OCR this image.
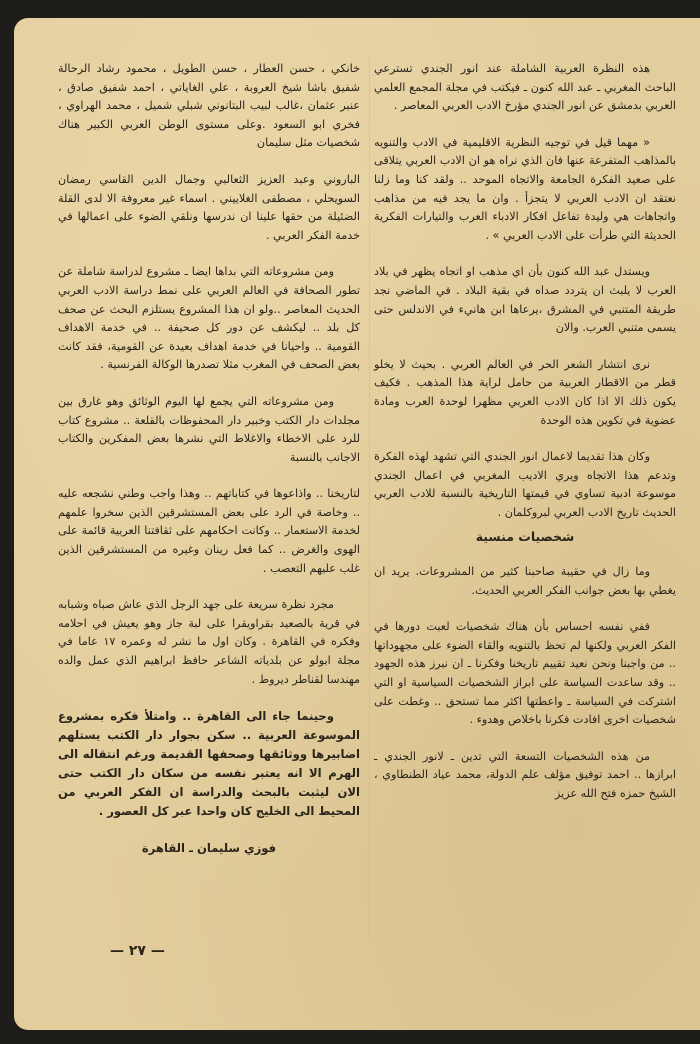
هذه النظرة العربية الشاملة عند انور الجندي تسترعي الباحث المغربي ـ عبد الله كنون ـ فيكتب في مجلة المجمع العلمي العربي بدمشق عن انور الجندي مؤرخ الادب العربي المعاصر .

« مهما قيل في توجيه النظرية الاقليمية في الادب والتنويه بالمذاهب المتفرعة عنها فان الذي نراه هو ان الادب العربي يتلاقى على صعيد الفكرة الجامعة والاتجاه الموحد .. ولقد كنا وما زلنا نعتقد ان الادب العربي لا يتجزأ . وان ما يجد فيه من مذاهب واتجاهات هي وليدة تفاعل افكار الادباء العرب والتيارات الفكرية الحديثة التي طرأت على الادب العربي » .

ويستدل عبد الله كنون بأن اي مذهب او اتجاه يظهر في بلاد العرب لا يلبث ان يتردد صداه في بقية البلاد . في الماضي نجد طريقة المتنبي في المشرق ،يرعاها ابن هانيء في الاندلس حتى يسمى متنبي العرب. والان

نرى انتشار الشعر الحر في العالم العربي . بحيث لا يخلو قطر من الاقطار العربية من حامل لراية هذا المذهب . فكيف يكون ذلك الا اذا كان الادب العربي مظهرا لوحدة العرب ومادة عضوية في تكوين هذه الوحدة

وكان هذا تقديما لاعمال انور الجندي التي تشهد لهذه الفكرة وتدعم هذا الاتجاه ويري الاديب المغربي في اعمال الجندي موسوعة ادبية تساوي في قيمتها التاريخية بالنسبة للادب العربي الحديث تاريخ الادب العربي لبروكلمان .

شخصيات منسية

وما زال في حقيبة صاحبنا كثير من المشروعات. يريد ان يغطي بها بعض جوانب الفكر العربي الحديث.

ففي نفسه احساس بأن هناك شخصيات لعبت دورها في الفكر العربي ولكنها لم تحظ بالتنويه والقاء الضوء على مجهوداتها .. من واجبنا ونحن نعيد تقييم تاريخنا وفكرنا ـ ان نبرز هذه الجهود .. وقد ساعدت السياسة على ابراز الشخصيات السياسية او التي اشتركت في السياسة ـ واعطتها اكثر مما تستحق .. وغطت على شخصيات اخرى افادت فكرنا باخلاص وهدوء .

من هذه الشخصيات التسعة التي تدين ـ لانور الجندي ـ ابرازها .. احمد توفيق مؤلف علم الدولة، محمد عياد الطنطاوي ، الشيخ حمزه فتح الله عزيز

خانكي ، حسن العطار ، حسن الطويل ، محمود رشاد الرحالة شفيق باشا شيخ العروبة ، علي الغاياتي ، احمد شفيق صادق ، عنبر عثمان ،غالب لبيب البتانوني شبلي شميل ، محمد الهراوي ، فخري ابو السعود .وعلى مستوى الوطن العربي الكبير هناك شخصيات مثل سليمان

الباروني وعبد العزيز الثعالبي وجمال الدين القاسي رمضان السويحلي ، مصطفى الغلاييني . اسماء غير معروفة الا لدى القلة الضئيلة من حقها علينا ان ندرسها ونلقي الضوء على اعمالها في خدمة الفكر العربي .

ومن مشروعاته التي بداها ايضا ـ مشروع لدراسة شاملة عن تطور الصحافة في العالم العربي على نمط دراسة الادب العربي الحديث المعاصر ..ولو ان هذا المشروع يستلزم البحث عن صحف كل بلد .. ليكشف عن دور كل صحيفة .. في خدمة الاهداف القومية .. واحيانا في خدمة اهداف بعيدة عن القومية، فقد كانت بعض الصحف في المغرب مثلا تصدرها الوكالة الفرنسية .

ومن مشروعاته التي يجمع لها اليوم الوثائق وهو غارق بين مجلدات دار الكتب وخبير دار المحفوظات بالقلعة .. مشروع كتاب للرد على الاخطاء والاغلاط التي نشرها بعض المفكرين والكتاب الاجانب بالنسبة

لتاريخنا .. واذاعوها في كتاباتهم .. وهذا واجب وطني نشجعه عليه .. وخاصة في الرد على بعض المستشرقين الذين سخروا علمهم لخدمة الاستعمار .. وكانت احكامهم على ثقافتنا العربية قائمة على الهوى والغرض .. كما فعل رينان وغيره من المستشرقين الذين غلب عليهم التعصب .

مجرد نظرة سريعة على جهد الرجل الذي عاش صباه وشبابه في قرية بالصعيد بقراويقرا على لبة جاز وهو يعيش في احلامه وفكره في القاهرة . وكان اول ما نشر له وعمره ١٧ عاما في مجلة ابولو عن بلدياته الشاعر حافظ ابراهيم الذي عمل والده مهندسا لقناطر ديروط .

وحينما جاء الى القاهرة .. وامتلأ فكره بمشروع الموسوعة العربية .. سكن بجوار دار الكتب يستلهم اضابيرها ووثائقها وصحفها القديمة ورغم انتقاله الى الهرم الا انه يعتبر نفسه من سكان دار الكتب حتى الان ليثبت بالبحث والدراسة ان الفكر العربي من المحيط الى الخليج كان واحدا عبر كل العصور .

فوزي سليمان ـ القاهرة
— ٢٧ —
